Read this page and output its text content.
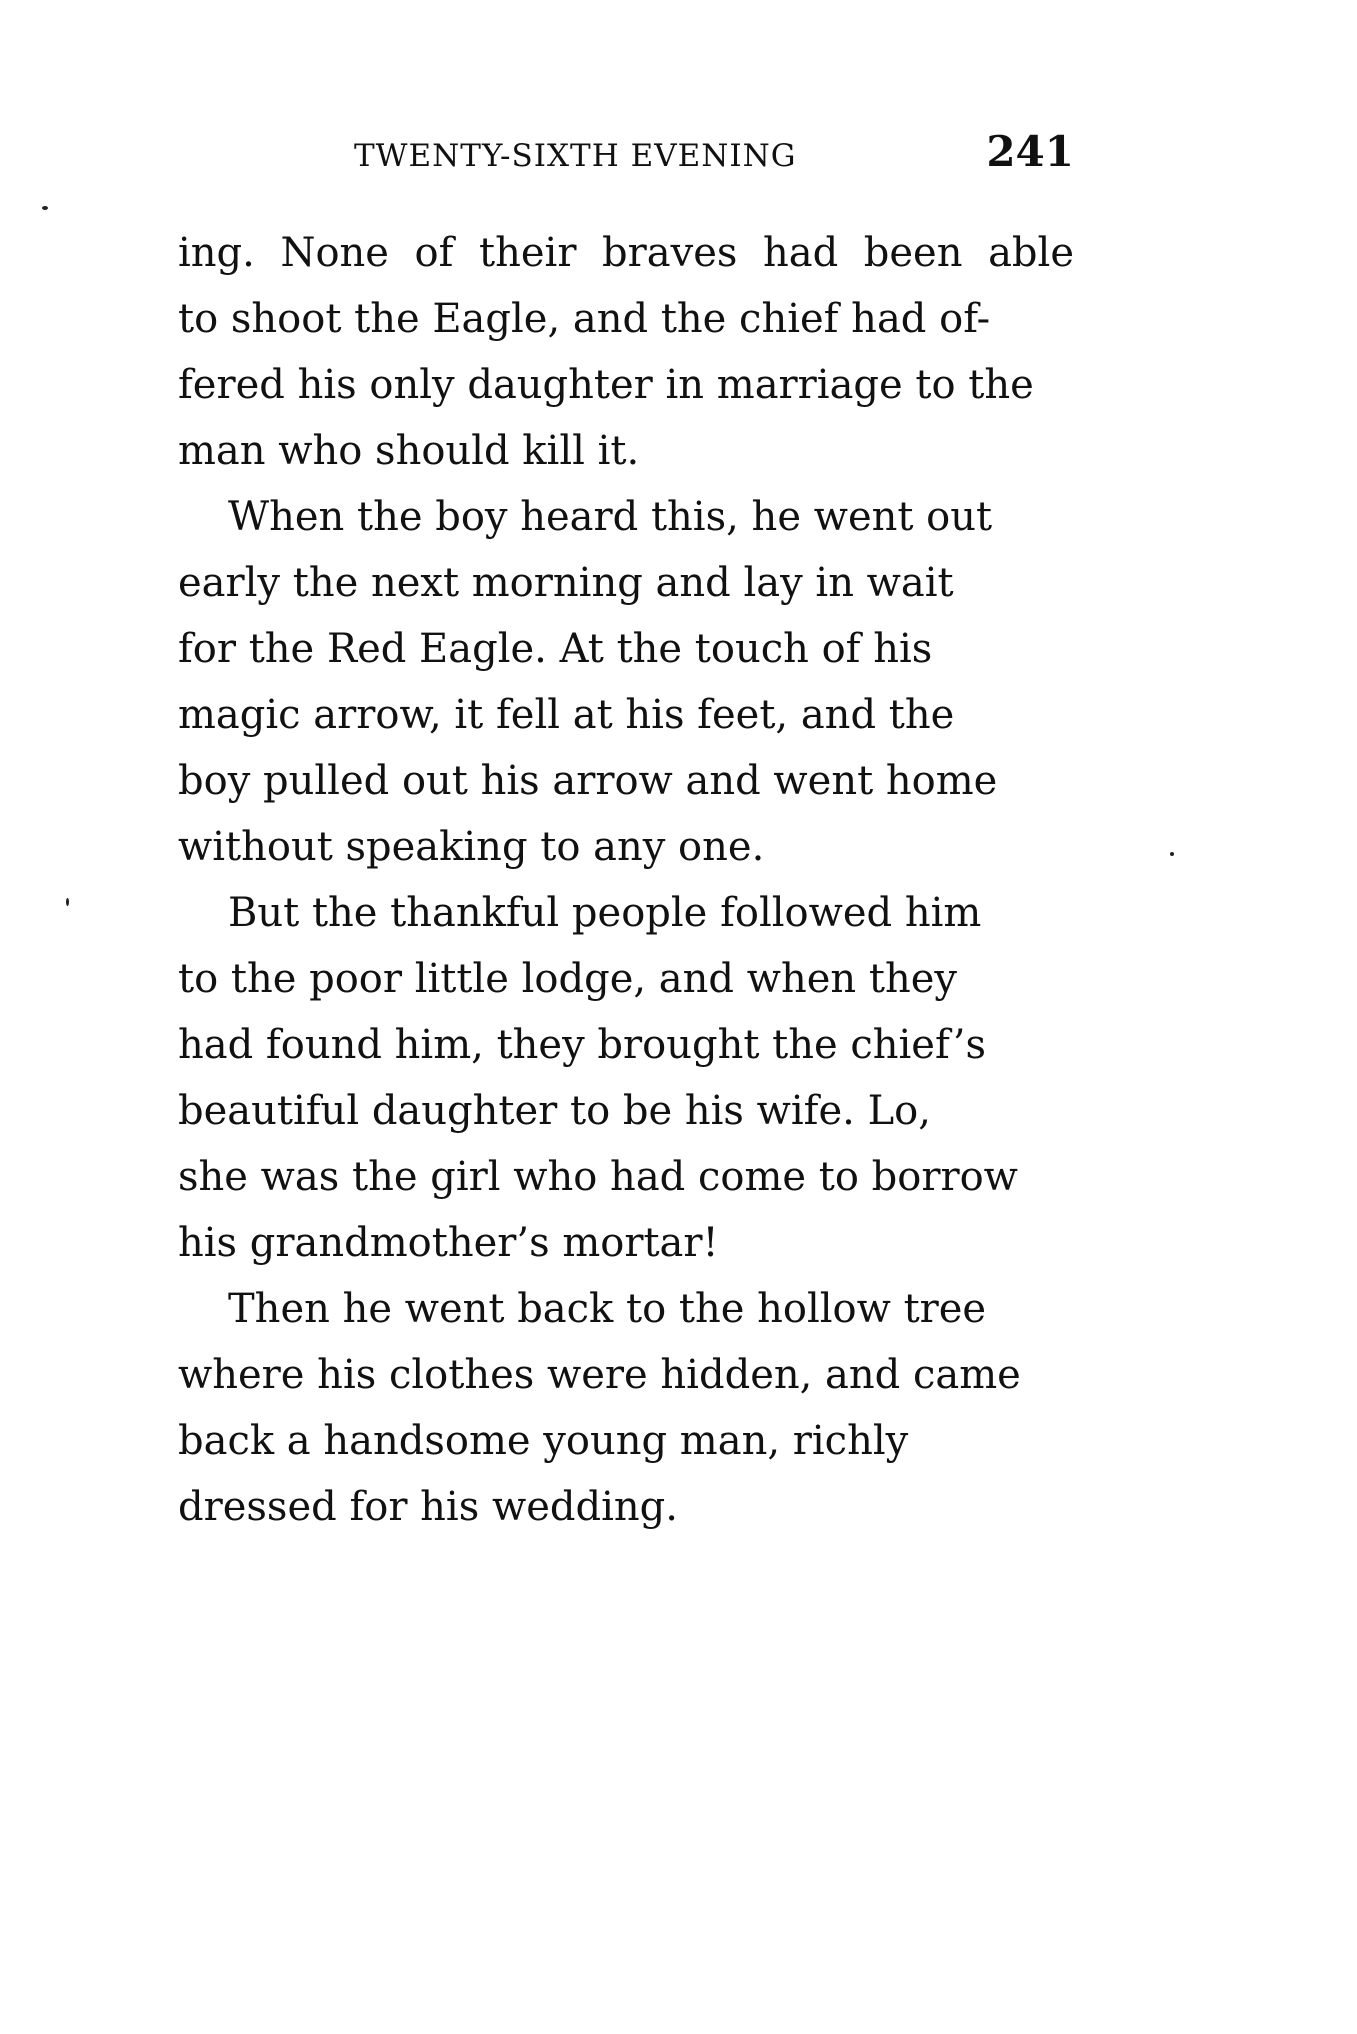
TWENTY-SIXTH EVENING	241

ing. None of their braves had been able
to shoot the Eagle, and the chief had of-
fered his only daughter in marriage to the
man who should kill it.

When the boy heard this, he went out
early the next morning and lay in wait
for the Red Eagle. At the touch of his
magic arrow, it fell at his feet, and the
boy pulled out his arrow and went home
without speaking to any one.

But the thankful people followed him
to the poor little lodge, and when they
had found him, they brought the chief’s
beautiful daughter to be his wife. Lo,
she was the girl who had come to borrow
his grandmother’s mortar!

Then he went back to the hollow tree
where his clothes were hidden, and came
back a handsome young man, richly
dressed for his wedding.
